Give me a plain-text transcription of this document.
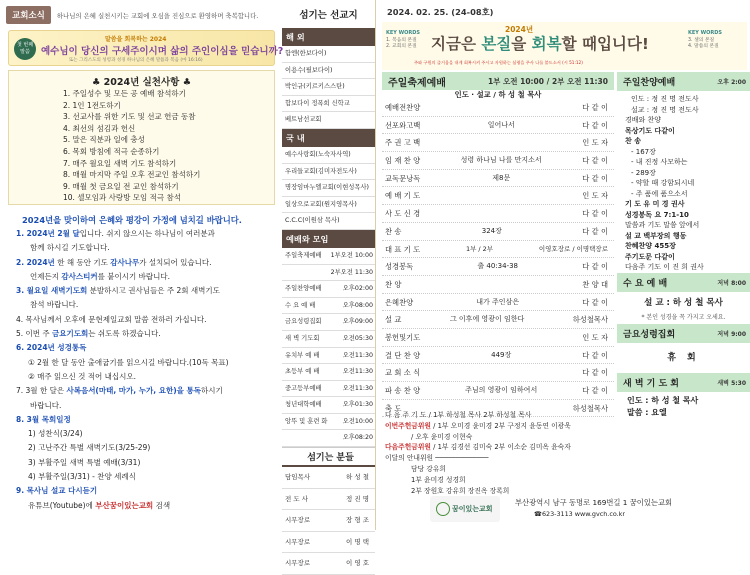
교회소식	하나님의 은혜 실천시키는 교회에 오심을 진심으로 환영하며 축복합니다.
첫 번째 말씀
말씀을 회복하는 2024
예수님이 당신의 구세주이시며 삶의 주인이심을 믿습니까?
또는 그리스도의 성령과 성경 하나님의 은혜 말씀과 복음 (마 16:16)
♣ 2024년 실천사항 ♣
1. 주일성수 및 모든 공 예배 참석하기
2. 1인 1전도하기
3. 선교사를 위한 기도 및 선교 헌금 동참
4. 최선의 섬김과 헌신
5. 말은 직분과 일에 충성
6. 목회 방침에 적극 순종하기
7. 매주 월요일 새벽 기도 참석하기
8. 매월 마지막 주일 오후 전교인 참석하기
9. 매월 첫 금요일 전 교인 참석하기
10. 셀모임과 사랑방 모임 적극 참석
2024년을 맞이하여 은혜와 평강이 가정에 넘치길 바랍니다.
1. 2024년 2월 달입니다. 쉬지 않으시는 하나님이 여러분과
함께 하시길 기도합니다.
2. 2024년 한 해 동안 기도 감사나무가 설치되어 있습니다.
언제든지 감사스티커를 붙이시기 바랍니다.
3. 월요일 새벽기도회 분발하시고 권사님들은 주 2회 새벽기도
참석 바랍니다.
4. 목사님께서 오후에 문현제일교회 말씀 전하러 가십니다.
5. 이번 주 금요기도회는 쉬도록 하겠습니다.
6. 2024년 성경통독
① 2월 한 달 동안 출애굽기를 읽으시길 바랍니다.(10독 목표)
② 매주 읽으신 것 적어 내십시오.
7. 3월 한 달은 사복음서(마태, 마가, 누가, 요한)을 통독하시기
바랍니다.
8. 3월 목회일정
1) 성찬식(3/24)
2) 고난주간 특별 새벽기도(3/25-29)
3) 부활주일 새벽 특별 예배(3/31)
4) 부활주일(3/31) - 찬양 세례식
9. 목사님 설교 다시듣기
유튜브(Youtube)에 부산꿈이있는교회 검색
섬기는 선교지
해 외
함엔(한보다이)
이용수(필보다이)
박인규(키르키스스탄)
합보다이 정폭희 신학교
베트남선교회
국 내
예수사랑회(노숙자사역)
우리들교회(김미자전도사)
명장임마누엘교회(이현성목사)
일상으로교회(원지영목사)
C.C.C(이원삼 목사)
예배와 모임
주일축제예배 1부오전 10:00
2부오전 11:30
주일찬양예배	오후02:00
수 요 예 배	오후08:00
금요성령집회	오후09:00
새 벽 기도회	오전05:30
유치부 예 배	오전11:30
초등부 예 배	오전11:30
중고등부예배	오전11:30
청년대학예배	오후01:30
앙뚜 및 훈련 화 오전10:00
오후08:20
섬기는 분들
담임목사	하 성 철
전 도 사	정 진 명
시무장로	장 형 조
시무장로	이 명 택
시무장로	이 영 호
2024. 02. 25. (24-08호)
KEY WORDS
1. 복음의 본질
2. 교회의 본질
KEY WORDS
3. 셀의 본질
4. 말씀의 본질
2024년
지금은 본질을 회복할 때입니다!
주와 구원의 즐거움을 내게 회복시켜 주시고 자원하는 심령을 주사 나를 붙드소서 (시 51:12)
주일축제예배	1부 오전 10:00 / 2부 오전 11:30
인도 · 설교 / 하 성 철 목사
예배전찬양	다 같 이
선포와고백	일어나서	다 같 이
주 권 고 백	인 도 자
임 재 찬 양	성령 하나님 나를 만지소서	다 같 이
교독문낭독	제8문	다 같 이
예 배 기 도	인 도 자
사 도 신 경	다 같 이
찬 송	324장	다 같 이
대 표 기 도	1부 / 2부	이영호장로 / 이명택장로
성경봉독	출 40:34-38	다 같 이
찬 양	찬 양 대
은혜찬양	내가 주인삼은	다 같 이
설 교	그 이후에 영광이 임한다	하성철목사
봉헌및기도	인 도 자
결 단 찬 양	449장	다 같 이
교 회 소 식	다 같 이
파 송 찬 양	주님의 영광이 임하여서	다 같 이
축 도	하성철목사
다 음 주 기 도 / 1부 하성철 목사 2부 하성철 목사
이번주헌금위원 / 1부 오미경 윤미경 2부 구정지 윤동연 이광욱
/ 오후 윤미경 이현숙
다음주헌금위원 / 1부 김경선 김미숙 2부 이소순 김미옥 윤숙자
이달의 안내위원 ─────────────
담당 강유희
1부 윤미경 성경희
2부 장원호 강유희 장진옥 장록희
꿈이있는교회
부산광역시 남구 동명로 169번길 1 꿈이있는교회
☎623-3113 www.gvch.co.kr
주일찬양예배	오후 2:00
인도 : 정 진 명 전도사
설교 : 정 진 명 전도사
경배와 찬양
목상기도 다같이
찬 송
- 167장
- 내 진정 사모하는
- 289장
- 약할 때 강함되시네
- 주 품에 품으소서
기 도 유 미 경 권사
성경봉독 요 7:1-10
말씀과 기도 말씀 앞에서
설 교 백부장의 행동
찬혜찬양 455장
주기도문 다같이
다음주 기도 이 진 희 권사
수 요 예 배	저녁 8:00
설 교 : 하 성 철 목사
* 본인 성경을 꼭 가지고 오세요.
금요성령집회	저녁 9:00
휴 회
새 벽 기 도 회	새벽 5:30
인도 : 하 성 철 목사
말씀 : 요엘
